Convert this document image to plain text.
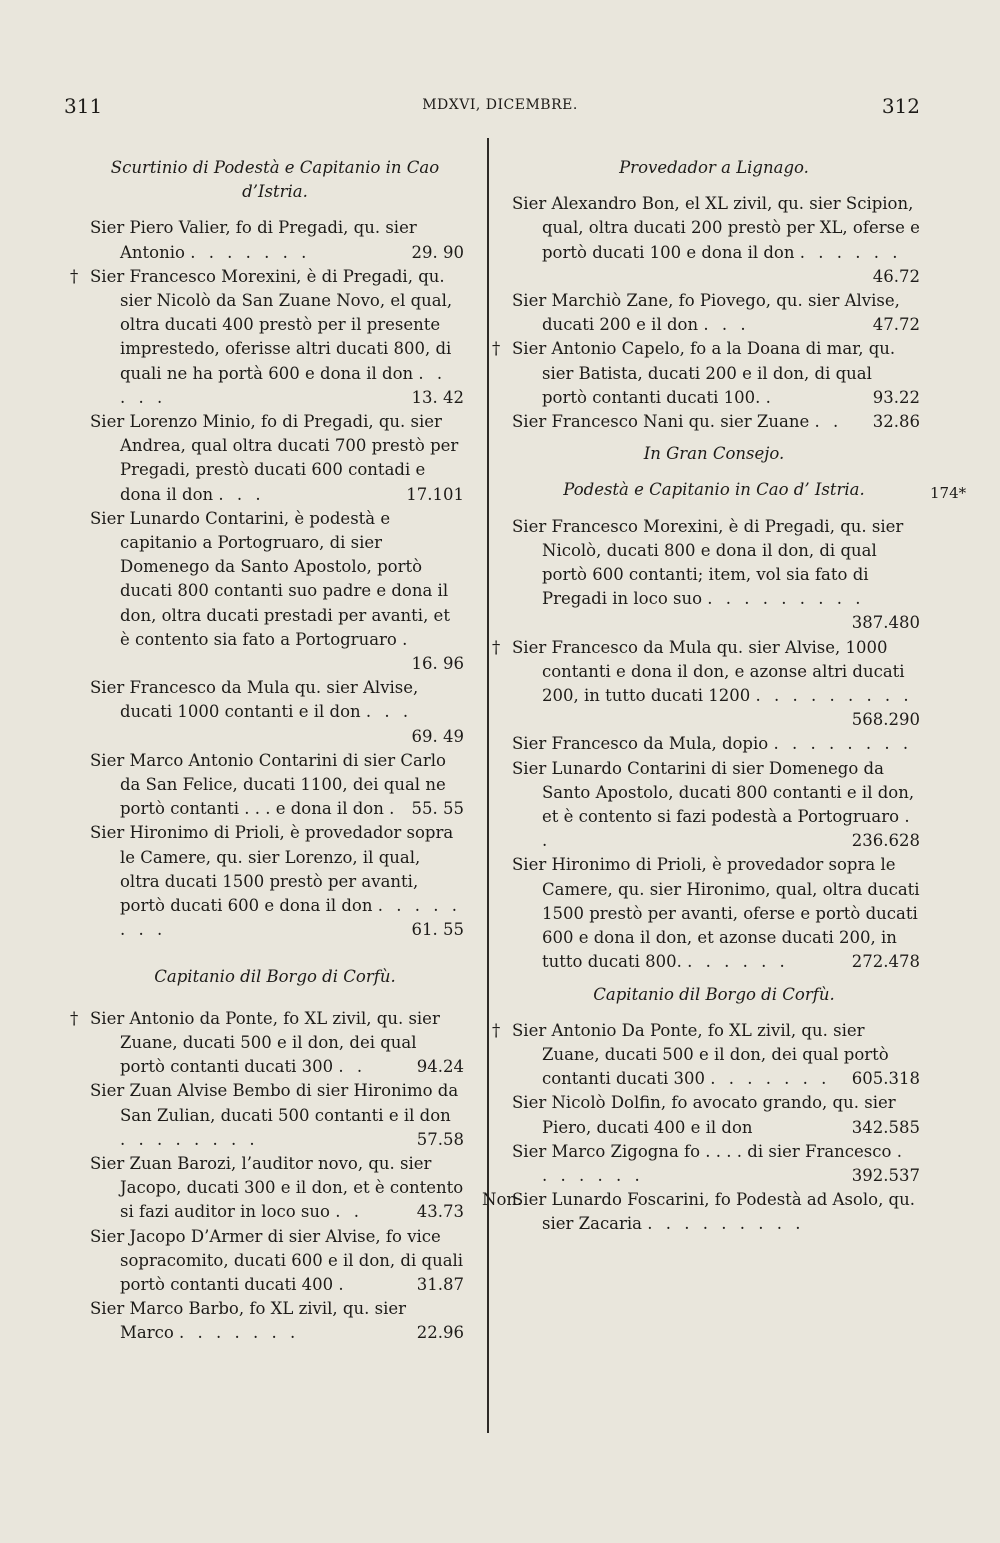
311	MDXVI, DICEMBRE.	312
Scurtinio di Podestà e Capitanio in Cao d’Istria.

Sier Piero Valier, fo di Pregadi, qu. sier Antonio . . . . . . .	29. 90

† Sier Francesco Morexini, è di Pregadi, qu. sier Nicolò da San Zuane Novo, el qual, oltra ducati 400 prestò per il presente imprestedo, oferisse altri ducati 800, di quali ne ha portà 600 e dona il don . . . . .	13. 42

Sier Lorenzo Minio, fo di Pregadi, qu. sier Andrea, qual oltra ducati 700 prestò per Pregadi, prestò ducati 600 contadi e dona il don . . .	17.101

Sier Lunardo Contarini, è podestà e capitanio a Portogruaro, di sier Domenego da Santo Apostolo, portò ducati 800 contanti suo padre e dona il don, oltra ducati prestadi per avanti, et è contento sia fato a Portogruaro .
16. 96

Sier Francesco da Mula qu. sier Alvise, ducati 1000 contanti e il don . . .
69. 49

Sier Marco Antonio Contarini di sier Carlo da San Felice, ducati 1100, dei qual ne portò contanti . . . e dona il don . 55. 55

Sier Hironimo di Prioli, è provedador sopra le Camere, qu. sier Lorenzo, il qual, oltra ducati 1500 prestò per avanti, portò ducati 600 e dona il don . . . . . . . .	61. 55

Capitanio dil Borgo di Corfù.

† Sier Antonio da Ponte, fo XL zivil, qu. sier Zuane, ducati 500 e il don, dei qual portò contanti ducati 300 . .	94.24

Sier Zuan Alvise Bembo di sier Hironimo da San Zulian, ducati 500 contanti e il don . . . . . . . .	57.58

Sier Zuan Barozi, l’auditor novo, qu. sier Jacopo, ducati 300 e il don, et è contento si fazi auditor in loco suo . .	43.73

Sier Jacopo D’Armer di sier Alvise, fo vice sopracomito, ducati 600 e il don, di quali portò contanti ducati 400 .	31.87

Sier Marco Barbo, fo XL zivil, qu. sier Marco . . . . . . .	22.96

Provedador a Lignago.

Sier Alexandro Bon, el XL zivil, qu. sier Scipion, qual, oltra ducati 200 prestò per XL, oferse e portò ducati 100 e dona il don . . . . . .
46.72

Sier Marchiò Zane, fo Piovego, qu. sier Alvise, ducati 200 e il don . . .	47.72

† Sier Antonio Capelo, fo a la Doana di mar, qu. sier Batista, ducati 200 e il don, di qual portò contanti ducati 100. .	93.22

Sier Francesco Nani qu. sier Zuane . .	32.86

In Gran Consejo.
Podestà e Capitanio in Cao d’ Istria.

Sier Francesco Morexini, è di Pregadi, qu. sier Nicolò, ducati 800 e dona il don, di qual portò 600 contanti; item, vol sia fato di Pregadi in loco suo . . . . . . . . .
387.480

† Sier Francesco da Mula qu. sier Alvise, 1000 contanti e dona il don, e azonse altri ducati 200, in tutto ducati 1200 . . . . . . . . .
568.290

Sier Francesco da Mula, dopio . . . . . . . .

Sier Lunardo Contarini di sier Domenego da Santo Apostolo, ducati 800 contanti e il don, et è contento si fazi podestà a Portogruaro . .	236.628

Sier Hironimo di Prioli, è provedador sopra le Camere, qu. sier Hironimo, qual, oltra ducati 1500 prestò per avanti, oferse e portò ducati 600 e dona il don, et azonse ducati 200, in tutto ducati 800. . . . . . .	272.478

Capitanio dil Borgo di Corfù.

† Sier Antonio Da Ponte, fo XL zivil, qu. sier Zuane, ducati 500 e il don, dei qual portò contanti ducati 300 . . . . . . .	605.318

Sier Nicolò Dolfin, fo avocato grando, qu. sier Piero, ducati 400 e il don	342.585

Sier Marco Zigogna fo . . . . di sier Francesco . . . . . . .	392.537

Non. Sier Lunardo Foscarini, fo Podestà ad Asolo, qu. sier Zacaria . . . . . . . . .

174*
